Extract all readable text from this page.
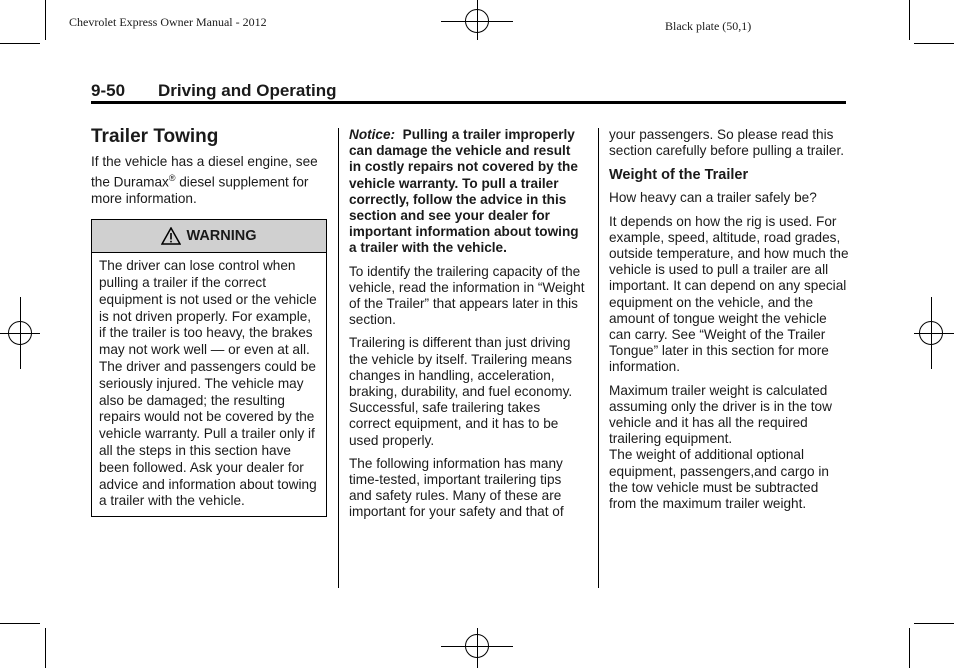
Chevrolet Express Owner Manual - 2012	Black plate (50,1)
9-50 Driving and Operating
Trailer Towing

If the vehicle has a diesel engine, see the Duramax® diesel supplement for more information.

WARNING
The driver can lose control when pulling a trailer if the correct equipment is not used or the vehicle is not driven properly. For example, if the trailer is too heavy, the brakes may not work well — or even at all. The driver and passengers could be seriously injured. The vehicle may also be damaged; the resulting repairs would not be covered by the vehicle warranty. Pull a trailer only if all the steps in this section have been followed. Ask your dealer for advice and information about towing a trailer with the vehicle.

Notice: Pulling a trailer improperly can damage the vehicle and result in costly repairs not covered by the vehicle warranty. To pull a trailer correctly, follow the advice in this section and see your dealer for important information about towing a trailer with the vehicle.

To identify the trailering capacity of the vehicle, read the information in “Weight of the Trailer” that appears later in this section.

Trailering is different than just driving the vehicle by itself. Trailering means changes in handling, acceleration, braking, durability, and fuel economy. Successful, safe trailering takes correct equipment, and it has to be used properly.

The following information has many time-tested, important trailering tips and safety rules. Many of these are important for your safety and that of

your passengers. So please read this section carefully before pulling a trailer.

Weight of the Trailer

How heavy can a trailer safely be?

It depends on how the rig is used. For example, speed, altitude, road grades, outside temperature, and how much the vehicle is used to pull a trailer are all important. It can depend on any special equipment on the vehicle, and the amount of tongue weight the vehicle can carry. See “Weight of the Trailer Tongue” later in this section for more information.

Maximum trailer weight is calculated assuming only the driver is in the tow vehicle and it has all the required trailering equipment.
The weight of additional optional equipment, passengers,and cargo in the tow vehicle must be subtracted from the maximum trailer weight.
